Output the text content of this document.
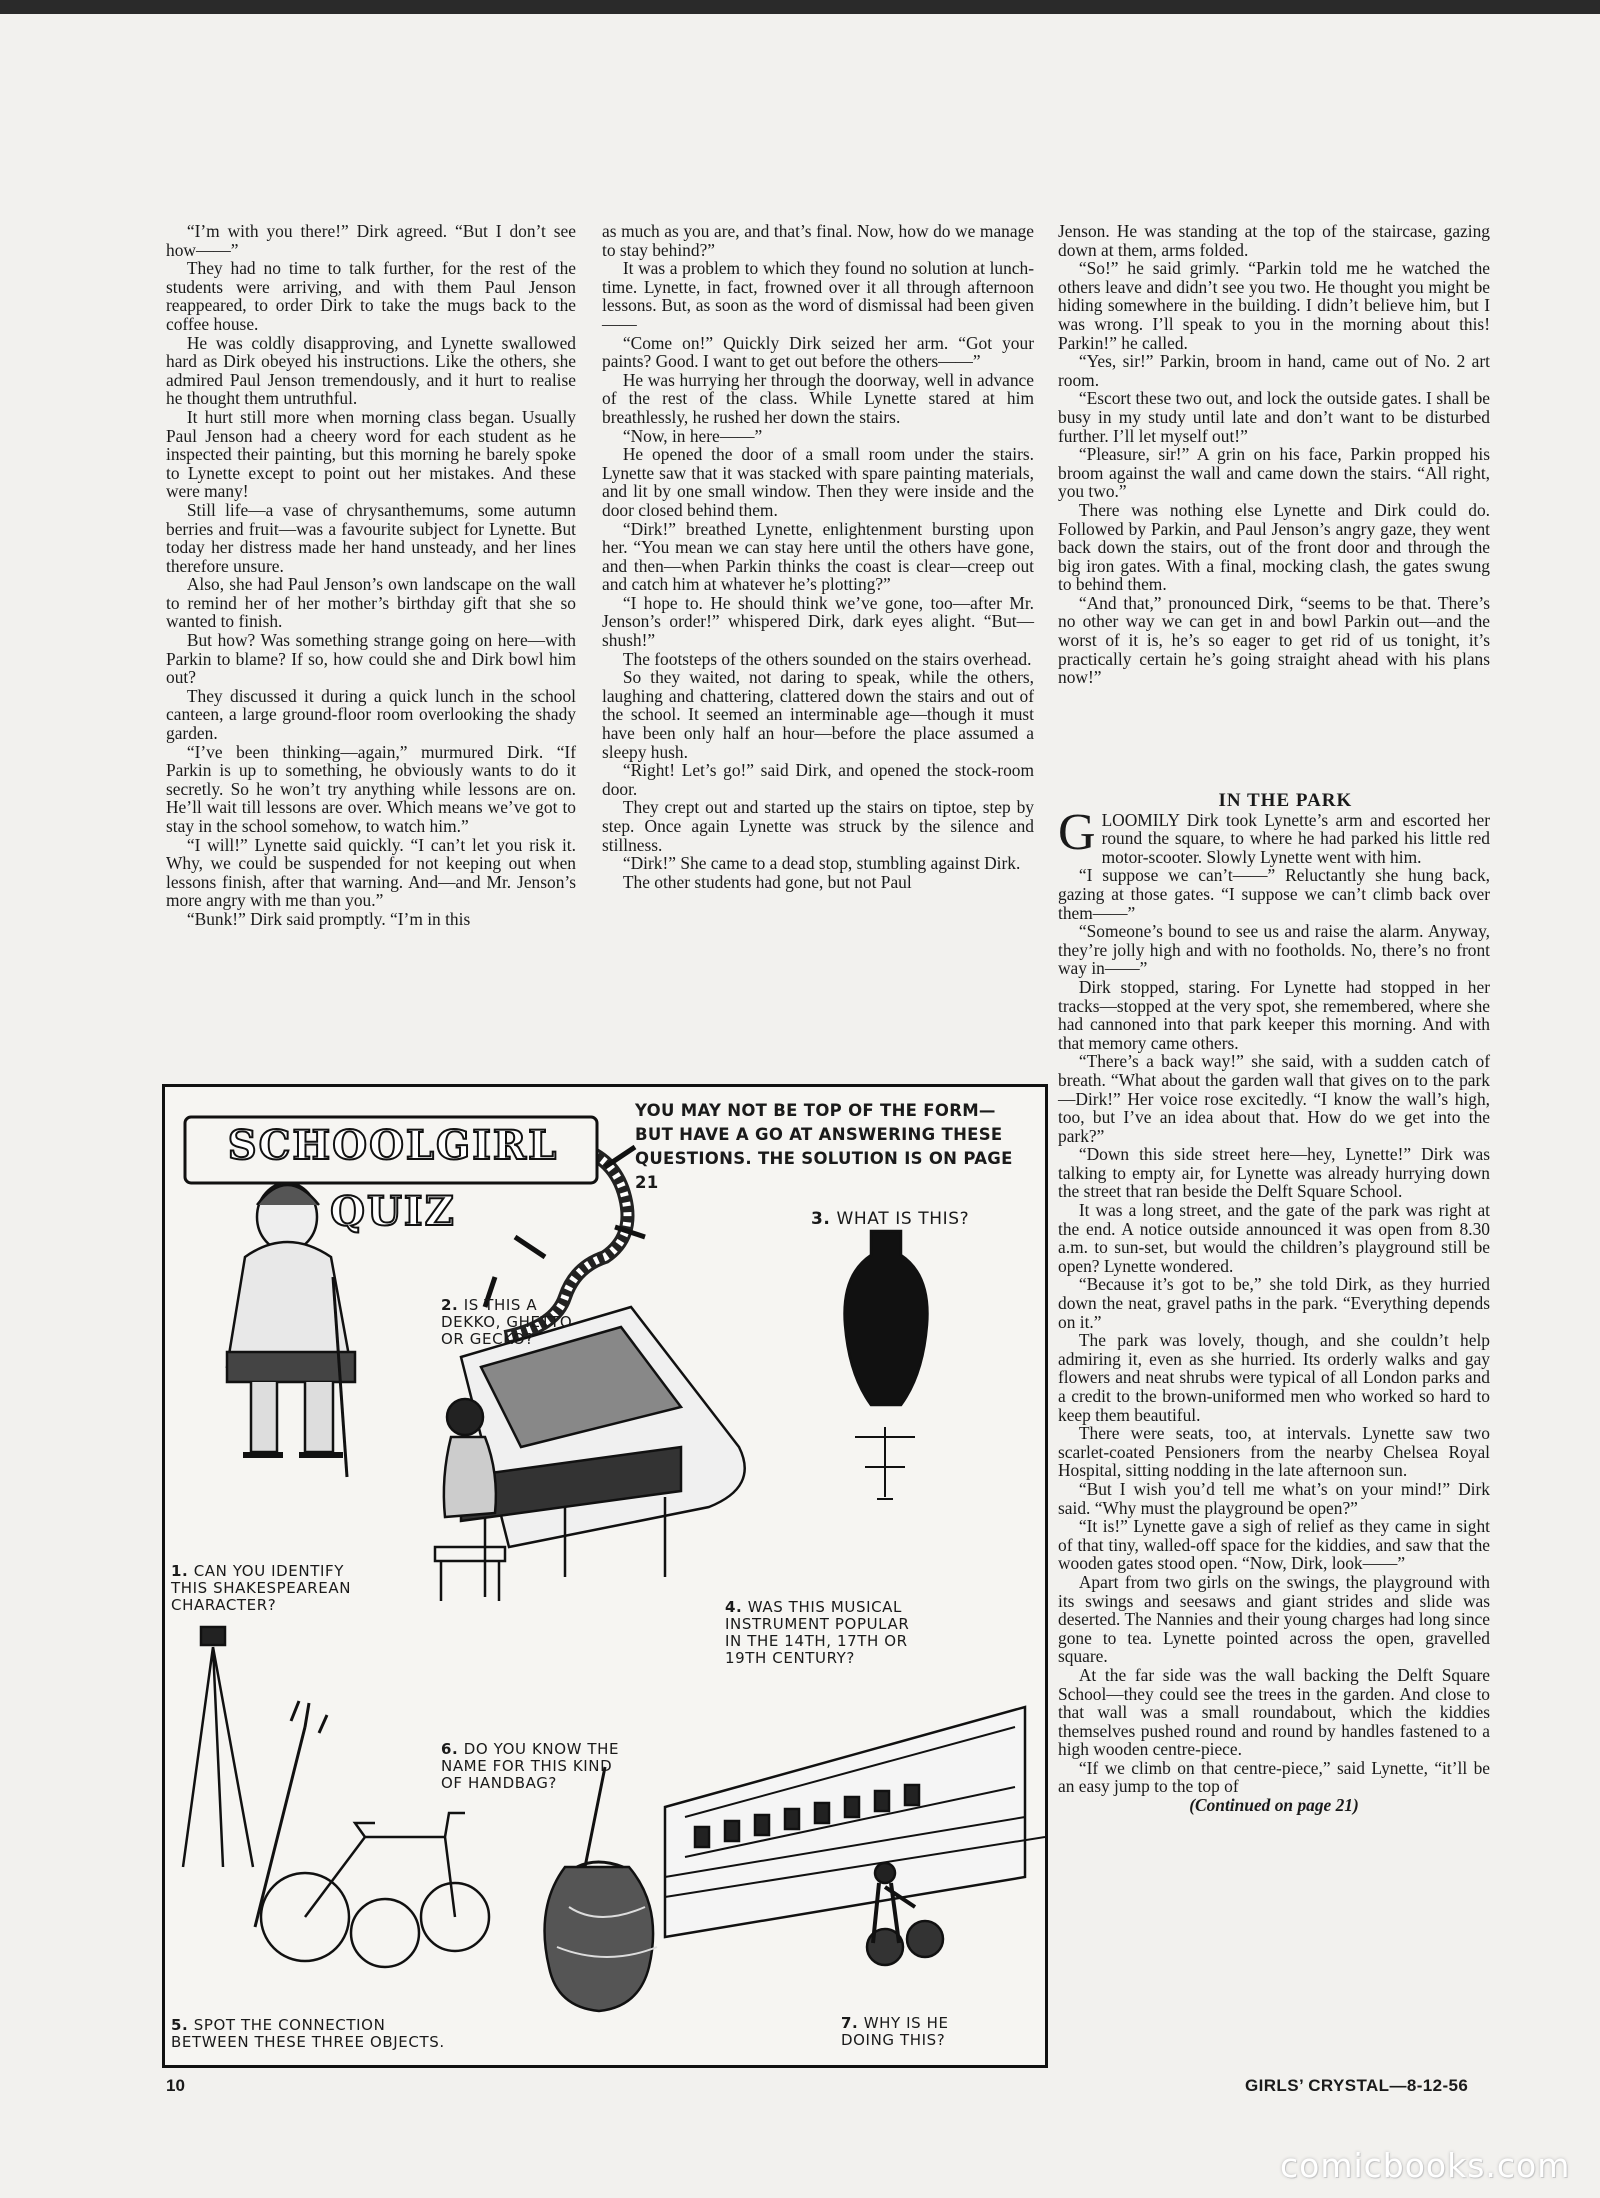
“I’m with you there!” Dirk agreed. “But I don’t see how——”

They had no time to talk further, for the rest of the students were arriving, and with them Paul Jenson reappeared, to order Dirk to take the mugs back to the coffee house.

He was coldly disapproving, and Lynette swallowed hard as Dirk obeyed his instructions. Like the others, she admired Paul Jenson tremendously, and it hurt to realise he thought them untruthful.

It hurt still more when morning class began. Usually Paul Jenson had a cheery word for each student as he inspected their painting, but this morning he barely spoke to Lynette except to point out her mistakes. And these were many!

Still life—a vase of chrysanthemums, some autumn berries and fruit—was a favourite subject for Lynette. But today her distress made her hand unsteady, and her lines therefore unsure.

Also, she had Paul Jenson’s own landscape on the wall to remind her of her mother’s birthday gift that she so wanted to finish.

But how? Was something strange going on here—with Parkin to blame? If so, how could she and Dirk bowl him out?

They discussed it during a quick lunch in the school canteen, a large ground-floor room overlooking the shady garden.

“I’ve been thinking—again,” murmured Dirk. “If Parkin is up to something, he obviously wants to do it secretly. So he won’t try anything while lessons are on. He’ll wait till lessons are over. Which means we’ve got to stay in the school somehow, to watch him.”

“I will!” Lynette said quickly. “I can’t let you risk it. Why, we could be suspended for not keeping out when lessons finish, after that warning. And—and Mr. Jenson’s more angry with me than you.”

“Bunk!” Dirk said promptly. “I’m in this

as much as you are, and that’s final. Now, how do we manage to stay behind?”

It was a problem to which they found no solution at lunch-time. Lynette, in fact, frowned over it all through afternoon lessons. But, as soon as the word of dismissal had been given——

“Come on!” Quickly Dirk seized her arm. “Got your paints? Good. I want to get out before the others——”

He was hurrying her through the doorway, well in advance of the rest of the class. While Lynette stared at him breathlessly, he rushed her down the stairs.

“Now, in here——”

He opened the door of a small room under the stairs. Lynette saw that it was stacked with spare painting materials, and lit by one small window. Then they were inside and the door closed behind them.

“Dirk!” breathed Lynette, enlightenment bursting upon her. “You mean we can stay here until the others have gone, and then—when Parkin thinks the coast is clear—creep out and catch him at whatever he’s plotting?”

“I hope to. He should think we’ve gone, too—after Mr. Jenson’s order!” whispered Dirk, dark eyes alight. “But—shush!”

The footsteps of the others sounded on the stairs overhead.

So they waited, not daring to speak, while the others, laughing and chattering, clattered down the stairs and out of the school. It seemed an interminable age—though it must have been only half an hour—before the place assumed a sleepy hush.

“Right! Let’s go!” said Dirk, and opened the stock-room door.

They crept out and started up the stairs on tiptoe, step by step. Once again Lynette was struck by the silence and stillness.

“Dirk!” She came to a dead stop, stumbling against Dirk.

The other students had gone, but not Paul

Jenson. He was standing at the top of the staircase, gazing down at them, arms folded.

“So!” he said grimly. “Parkin told me he watched the others leave and didn’t see you two. He thought you might be hiding somewhere in the building. I didn’t believe him, but I was wrong. I’ll speak to you in the morning about this! Parkin!” he called.

“Yes, sir!” Parkin, broom in hand, came out of No. 2 art room.

“Escort these two out, and lock the outside gates. I shall be busy in my study until late and don’t want to be disturbed further. I’ll let myself out!”

“Pleasure, sir!” A grin on his face, Parkin propped his broom against the wall and came down the stairs. “All right, you two.”

There was nothing else Lynette and Dirk could do. Followed by Parkin, and Paul Jenson’s angry gaze, they went back down the stairs, out of the front door and through the big iron gates. With a final, mocking clash, the gates swung to behind them.

“And that,” pronounced Dirk, “seems to be that. There’s no other way we can get in and bowl Parkin out—and the worst of it is, he’s so eager to get rid of us tonight, it’s practically certain he’s going straight ahead with his plans now!”

IN THE PARK

GLOOMILY Dirk took Lynette’s arm and escorted her round the square, to where he had parked his little red motor-scooter. Slowly Lynette went with him.

“I suppose we can’t——” Reluctantly she hung back, gazing at those gates. “I suppose we can’t climb back over them——”

“Someone’s bound to see us and raise the alarm. Anyway, they’re jolly high and with no footholds. No, there’s no front way in——”

Dirk stopped, staring. For Lynette had stopped in her tracks—stopped at the very spot, she remembered, where she had cannoned into that park keeper this morning. And with that memory came others.

“There’s a back way!” she said, with a sudden catch of breath. “What about the garden wall that gives on to the park—Dirk!” Her voice rose excitedly. “I know the wall’s high, too, but I’ve an idea about that. How do we get into the park?”

“Down this side street here—hey, Lynette!” Dirk was talking to empty air, for Lynette was already hurrying down the street that ran beside the Delft Square School.

It was a long street, and the gate of the park was right at the end. A notice outside announced it was open from 8.30 a.m. to sun-set, but would the children’s playground still be open? Lynette wondered.

“Because it’s got to be,” she told Dirk, as they hurried down the neat, gravel paths in the park. “Everything depends on it.”

The park was lovely, though, and she couldn’t help admiring it, even as she hurried. Its orderly walks and gay flowers and neat shrubs were typical of all London parks and a credit to the brown-uniformed men who worked so hard to keep them beautiful.

There were seats, too, at intervals. Lynette saw two scarlet-coated Pensioners from the nearby Chelsea Royal Hospital, sitting nodding in the late afternoon sun.

“But I wish you’d tell me what’s on your mind!” Dirk said. “Why must the playground be open?”

“It is!” Lynette gave a sigh of relief as they came in sight of that tiny, walled-off space for the kiddies, and saw that the wooden gates stood open. “Now, Dirk, look——”

Apart from two girls on the swings, the playground with its swings and seesaws and giant strides and slide was deserted. The Nannies and their young charges had long since gone to tea. Lynette pointed across the open, gravelled square.

At the far side was the wall backing the Delft Square School—they could see the trees in the garden. And close to that wall was a small roundabout, which the kiddies themselves pushed round and round by handles fastened to a high wooden centre-piece.

“If we climb on that centre-piece,” said Lynette, “it’ll be an easy jump to the top of

(Continued on page 21)

SCHOOLGIRL QUIZ
YOU MAY NOT BE TOP OF THE FORM—
BUT HAVE A GO AT ANSWERING THESE
QUESTIONS. THE SOLUTION IS ON PAGE 21
1. CAN YOU IDENTIFY
THIS SHAKESPEAREAN
CHARACTER?
2. IS THIS A
DEKKO, GHETTO
OR GECKO?
3. WHAT IS THIS?
4. WAS THIS MUSICAL
INSTRUMENT POPULAR
IN THE 14TH, 17TH OR
19TH CENTURY?
5. SPOT THE CONNECTION
BETWEEN THESE THREE OBJECTS.
6. DO YOU KNOW THE
NAME FOR THIS KIND
OF HANDBAG?
7. WHY IS HE
DOING THIS?
10	GIRLS’ CRYSTAL—8-12-56
comicbooks.com
